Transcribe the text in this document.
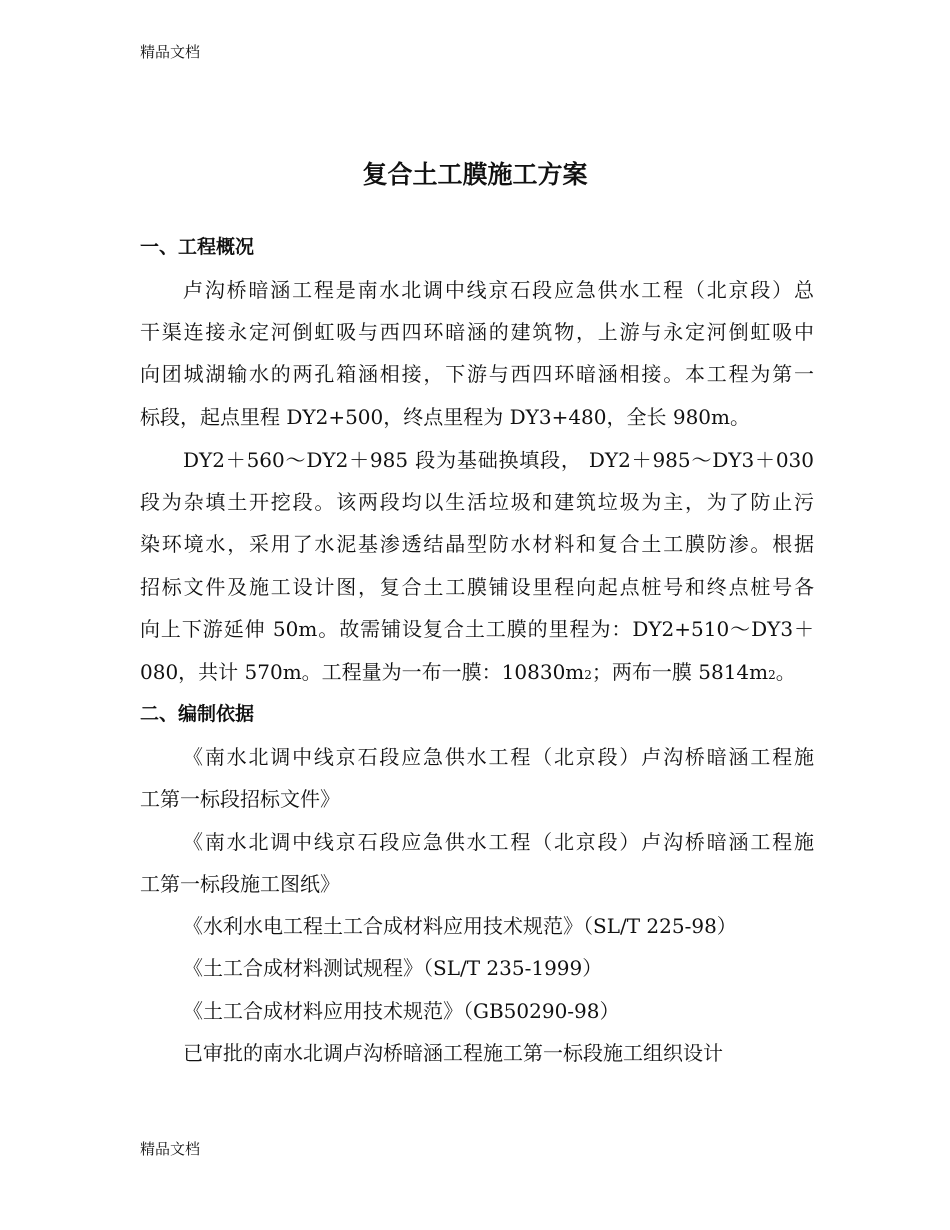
精品文档
复合土工膜施工方案
一、工程概况
卢沟桥暗涵工程是南水北调中线京石段应急供水工程（北京段）总
干渠连接永定河倒虹吸与西四环暗涵的建筑物，上游与永定河倒虹吸中
向团城湖输水的两孔箱涵相接，下游与西四环暗涵相接。本工程为第一
标段，起点里程 DY2+500，终点里程为 DY3+480，全长 980m。
DY2＋560～DY2＋985 段为基础换填段， DY2＋985～DY3＋030
段为杂填土开挖段。该两段均以生活垃圾和建筑垃圾为主，为了防止污
染环境水，采用了水泥基渗透结晶型防水材料和复合土工膜防渗。根据
招标文件及施工设计图，复合土工膜铺设里程向起点桩号和终点桩号各
向上下游延伸 50m。故需铺设复合土工膜的里程为：DY2+510～DY3＋
080，共计 570m。工程量为一布一膜：10830m2；两布一膜 5814m2。
二、编制依据
《南水北调中线京石段应急供水工程（北京段）卢沟桥暗涵工程施
工第一标段招标文件》
《南水北调中线京石段应急供水工程（北京段）卢沟桥暗涵工程施
工第一标段施工图纸》
《水利水电工程土工合成材料应用技术规范》（SL/T 225-98）
《土工合成材料测试规程》（SL/T 235-1999）
《土工合成材料应用技术规范》（GB50290-98）
已审批的南水北调卢沟桥暗涵工程施工第一标段施工组织设计
精品文档
